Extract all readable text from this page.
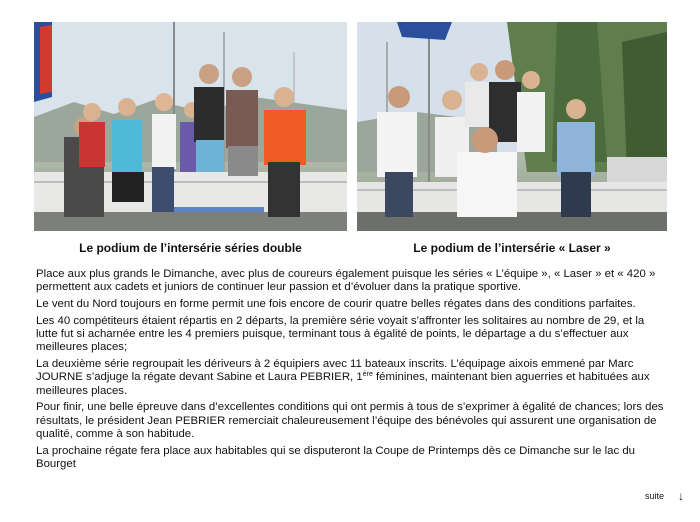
Le podium de l’intersérie séries double	Le podium de l’intersérie « Laser »

Place aux plus grands le Dimanche, avec plus de coureurs également puisque les séries « L’équipe », « Laser » et « 420 » permettent aux cadets et juniors de continuer leur passion et d’évoluer dans la pratique sportive.

Le vent du Nord toujours en forme permit une fois encore de courir quatre belles régates dans des conditions parfaites.

Les 40 compétiteurs étaient répartis en 2 départs, la première série voyait s’affronter les solitaires au nombre de 29, et la lutte fut si acharnée entre les 4 premiers puisque, terminant tous à égalité de points, le départage a du s’effectuer aux meilleures places;

La deuxième série regroupait les dériveurs à 2 équipiers avec 11 bateaux inscrits. L’équipage aixois emmené par Marc JOURNE s’adjuge la régate devant Sabine et Laura PEBRIER, 1ère féminines, maintenant bien aguerries et habituées aux meilleures places.

Pour finir, une belle épreuve dans d’excellentes conditions qui ont permis à tous de s’exprimer à égalité de chances; lors des résultats, le président Jean PEBRIER remerciait chaleureusement l’équipe des bénévoles qui assurent une organisation de qualité, comme à son habitude.

La prochaine régate fera place aux habitables qui se disputeront la Coupe de Printemps dès ce Dimanche sur le lac du Bourget

suite ↓
